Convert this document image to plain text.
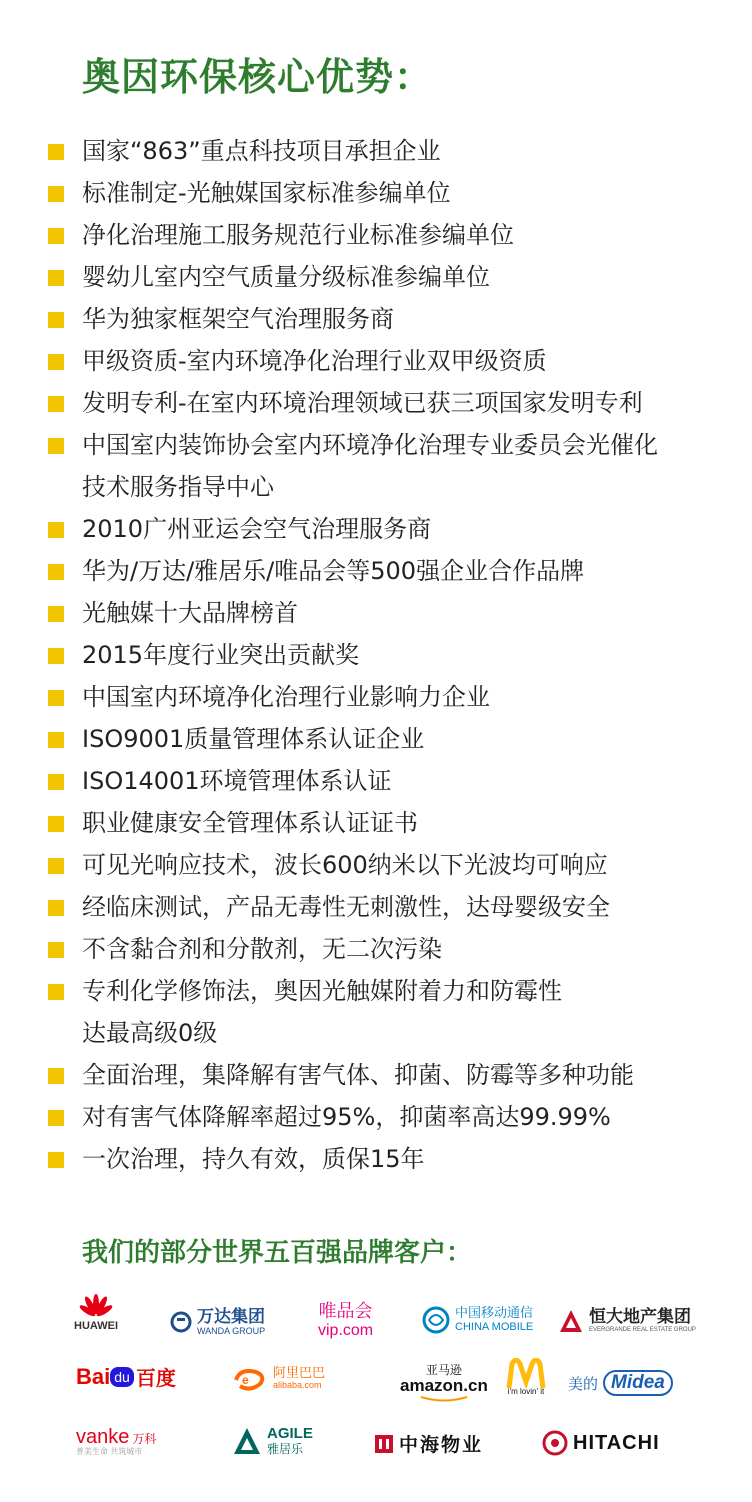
奥因环保核心优势：
国家“863”重点科技项目承担企业
标准制定-光触媒国家标准参编单位
净化治理施工服务规范行业标准参编单位
婴幼儿室内空气质量分级标准参编单位
华为独家框架空气治理服务商
甲级资质-室内环境净化治理行业双甲级资质
发明专利-在室内环境治理领域已获三项国家发明专利
中国室内装饰协会室内环境净化治理专业委员会光催化
技术服务指导中心
2010广州亚运会空气治理服务商
华为/万达/雅居乐/唯品会等500强企业合作品牌
光触媒十大品牌榜首
2015年度行业突出贡献奖
中国室内环境净化治理行业影响力企业
ISO9001质量管理体系认证企业
ISO14001环境管理体系认证
职业健康安全管理体系认证证书
可见光响应技术，波长600纳米以下光波均可响应
经临床测试，产品无毒性无刺激性，达母婴级安全
不含黏合剂和分散剂，无二次污染
专利化学修饰法，奥因光触媒附着力和防霉性
达最高级0级
全面治理，集降解有害气体、抑菌、防霉等多种功能
对有害气体降解率超过95%，抑菌率高达99.99%
一次治理，持久有效，质保15年
我们的部分世界五百强品牌客户：
HUAWEI	万达集团
WANDA GROUP
唯品会
vip.com
中国移动通信
CHINA MOBILE	恒大地产集团
EVERGRANDE REAL ESTATE GROUP
Bai du 百度	e 阿里巴巴
alibaba.com
亚马逊
amazon.cn i'm lovin' it 美的 Midea
vanke 万科
普美生命 共筑城市
AGILE
雅居乐	中海物业	HITACHI
